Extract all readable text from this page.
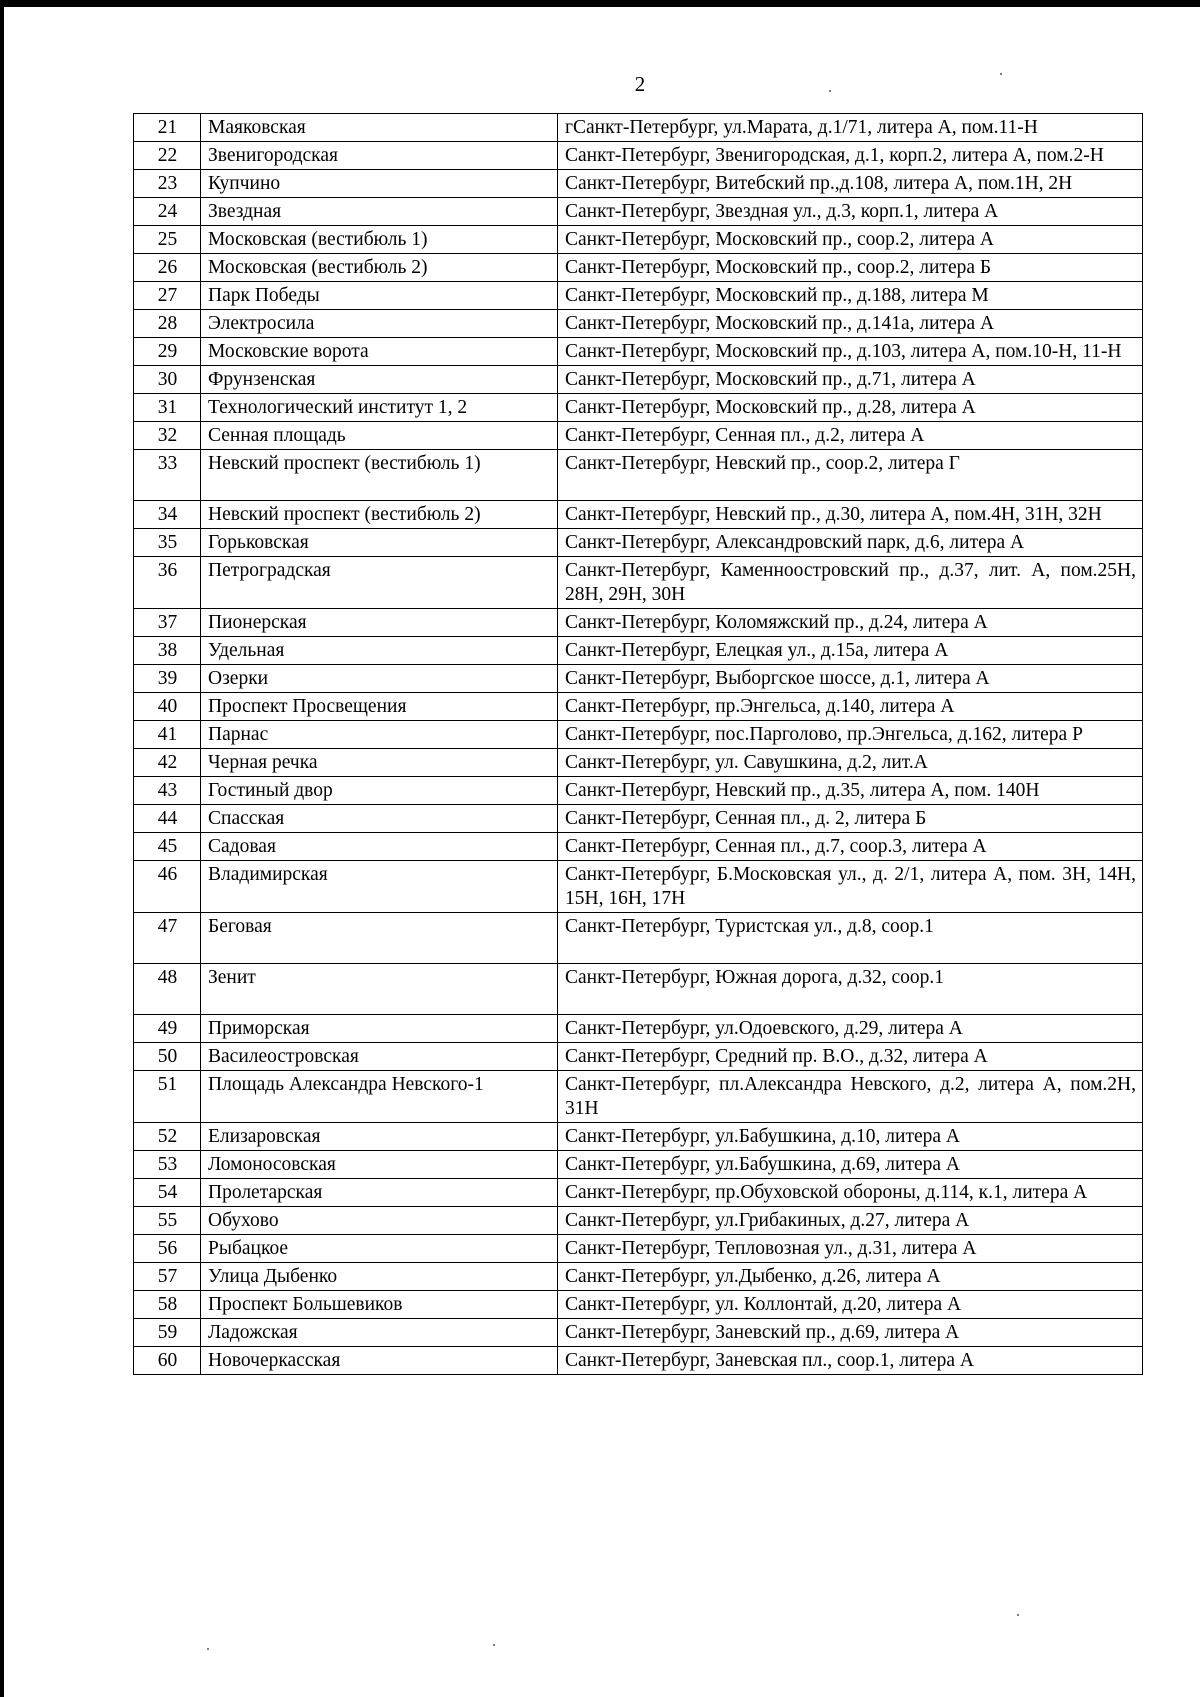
2
21	Маяковская	гСанкт-Петербург, ул.Марата, д.1/71, литера А, пом.11-Н
22	Звенигородская	Санкт-Петербург, Звенигородская, д.1, корп.2, литера А, пом.2-Н
23	Купчино	Санкт-Петербург, Витебский пр.,д.108, литера А, пом.1Н, 2Н
24	Звездная	Санкт-Петербург, Звездная ул., д.3, корп.1, литера А
25	Московская (вестибюль 1)	Санкт-Петербург, Московский пр., соор.2, литера А
26	Московская (вестибюль 2)	Санкт-Петербург, Московский пр., соор.2, литера Б
27	Парк Победы	Санкт-Петербург, Московский пр., д.188, литера М
28	Электросила	Санкт-Петербург, Московский пр., д.141а, литера А
29	Московские ворота	Санкт-Петербург, Московский пр., д.103, литера А, пом.10-Н, 11-Н
30	Фрунзенская	Санкт-Петербург, Московский пр., д.71, литера А
31	Технологический институт 1, 2	Санкт-Петербург, Московский пр., д.28, литера А
32	Сенная площадь	Санкт-Петербург, Сенная пл., д.2, литера А
33	Невский проспект (вестибюль 1)	Санкт-Петербург, Невский пр., соор.2, литера Г
34	Невский проспект (вестибюль 2)	Санкт-Петербург, Невский пр., д.30, литера А, пом.4Н, 31Н, 32Н
35	Горьковская	Санкт-Петербург, Александровский парк, д.6, литера А
36	Петроградская	Санкт-Петербург, Каменноостровский пр., д.37, лит. А, пом.25Н, 28Н, 29Н, 30Н
37	Пионерская	Санкт-Петербург, Коломяжский пр., д.24, литера А
38	Удельная	Санкт-Петербург, Елецкая ул., д.15а, литера А
39	Озерки	Санкт-Петербург, Выборгское шоссе, д.1, литера А
40	Проспект Просвещения	Санкт-Петербург, пр.Энгельса, д.140, литера А
41	Парнас	Санкт-Петербург, пос.Парголово, пр.Энгельса, д.162, литера Р
42	Черная речка	Санкт-Петербург, ул. Савушкина, д.2, лит.А
43	Гостиный двор	Санкт-Петербург, Невский пр., д.35, литера А, пом. 140Н
44	Спасская	Санкт-Петербург, Сенная пл., д. 2, литера Б
45	Садовая	Санкт-Петербург, Сенная пл., д.7, соор.3, литера А
46	Владимирская	Санкт-Петербург, Б.Московская ул., д. 2/1, литера А, пом. 3Н, 14Н, 15Н, 16Н, 17Н
47	Беговая	Санкт-Петербург, Туристская ул., д.8, соор.1
48	Зенит	Санкт-Петербург, Южная дорога, д.32, соор.1
49	Приморская	Санкт-Петербург, ул.Одоевского, д.29, литера А
50	Василеостровская	Санкт-Петербург, Средний пр. В.О., д.32, литера А
51	Площадь Александра Невского-1	Санкт-Петербург, пл.Александра Невского, д.2, литера А, пом.2Н, 31Н
52	Елизаровская	Санкт-Петербург, ул.Бабушкина, д.10, литера А
53	Ломоносовская	Санкт-Петербург, ул.Бабушкина, д.69, литера А
54	Пролетарская	Санкт-Петербург, пр.Обуховской обороны, д.114, к.1, литера А
55	Обухово	Санкт-Петербург, ул.Грибакиных, д.27, литера А
56	Рыбацкое	Санкт-Петербург, Тепловозная ул., д.31, литера А
57	Улица Дыбенко	Санкт-Петербург, ул.Дыбенко, д.26, литера А
58	Проспект Большевиков	Санкт-Петербург, ул. Коллонтай, д.20, литера А
59	Ладожская	Санкт-Петербург, Заневский пр., д.69, литера А
60	Новочеркасская	Санкт-Петербург, Заневская пл., соор.1, литера А
